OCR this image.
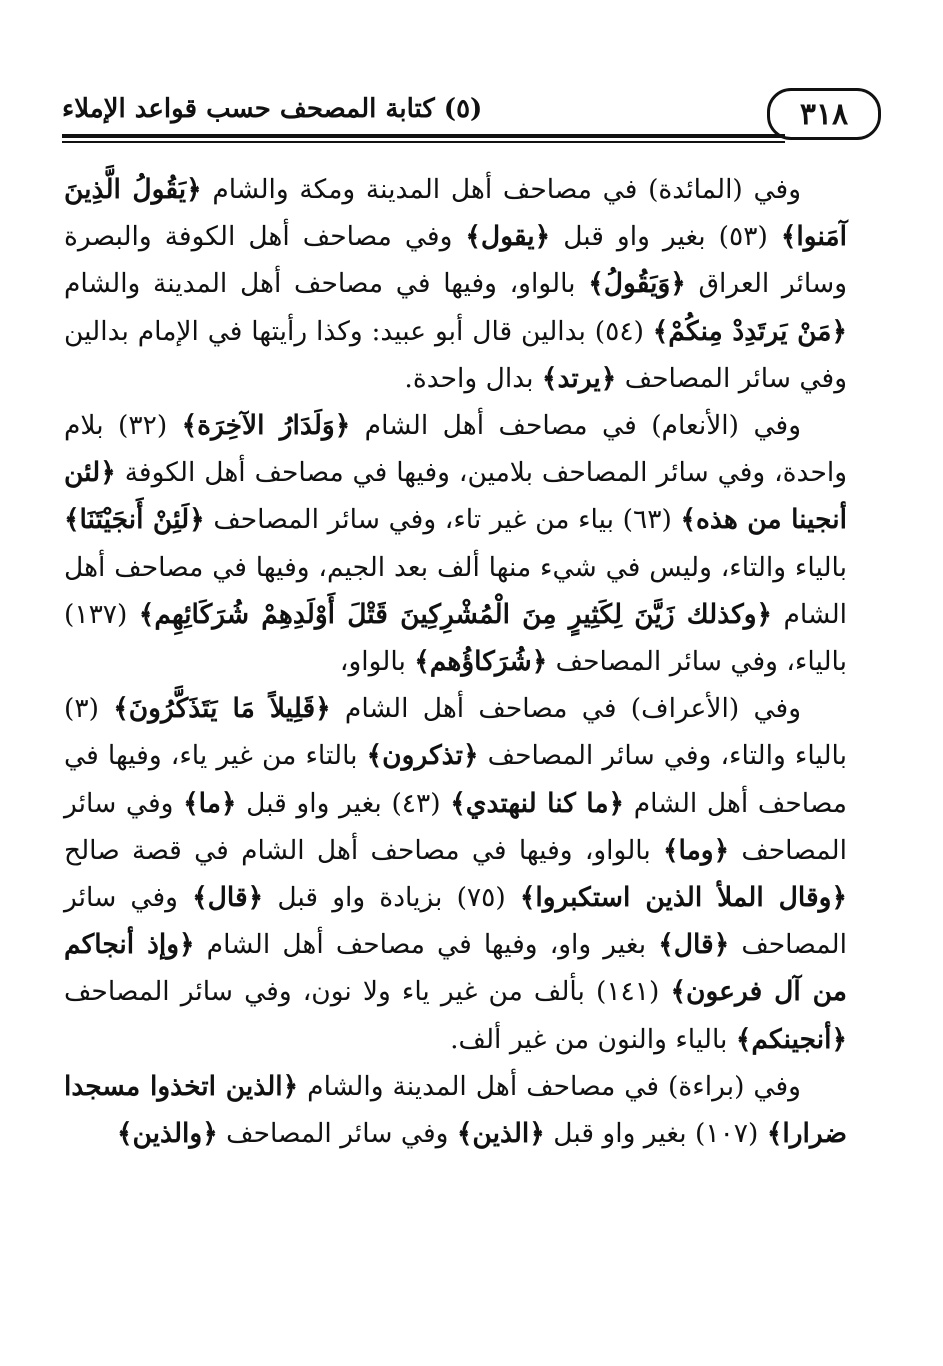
٣١٨
(٥) كتابة المصحف حسب قواعد الإملاء

وفي (المائدة) في مصاحف أهل المدينة ومكة والشام ﴿يَقُولُ الَّذِينَ آمَنوا﴾ (٥٣) بغير واو قبل ﴿يقول﴾ وفي مصاحف أهل الكوفة والبصرة وسائر العراق ﴿وَيَقُولُ﴾ بالواو، وفيها في مصاحف أهل المدينة والشام ﴿مَنْ يَرتَدِدْ مِنكُمْ﴾ (٥٤) بدالين قال أبو عبيد: وكذا رأيتها في الإمام بدالين وفي سائر المصاحف ﴿يرتد﴾ بدال واحدة.

وفي (الأنعام) في مصاحف أهل الشام ﴿وَلَدَارُ الآخِرَة﴾ (٣٢) بلام واحدة، وفي سائر المصاحف بلامين، وفيها في مصاحف أهل الكوفة ﴿لئن أنجينا من هذه﴾ (٦٣) بياء من غير تاء، وفي سائر المصاحف ﴿لَئِنْ أَنجَيْتَنَا﴾ بالياء والتاء، وليس في شيء منها ألف بعد الجيم، وفيها في مصاحف أهل الشام ﴿وكذلك زَيَّنَ لِكَثِيرٍ مِنَ الْمُشْرِكِينَ قَتْلَ أَوْلَدِهِمْ شُرَكَائِهِم﴾ (١٣٧) بالياء، وفي سائر المصاحف ﴿شُرَكاؤُهم﴾ بالواو،

وفي (الأعراف) في مصاحف أهل الشام ﴿قَلِيلاً مَا يَتَذَكَّرُونَ﴾ (٣) بالياء والتاء، وفي سائر المصاحف ﴿تذكرون﴾ بالتاء من غير ياء، وفيها في مصاحف أهل الشام ﴿ما كنا لنهتدي﴾ (٤٣) بغير واو قبل ﴿ما﴾ وفي سائر المصاحف ﴿وما﴾ بالواو، وفيها في مصاحف أهل الشام في قصة صالح ﴿وقال الملأ الذين استكبروا﴾ (٧٥) بزيادة واو قبل ﴿قال﴾ وفي سائر المصاحف ﴿قال﴾ بغير واو، وفيها في مصاحف أهل الشام ﴿وإذ أنجاكم من آل فرعون﴾ (١٤١) بألف من غير ياء ولا نون، وفي سائر المصاحف ﴿أنجينكم﴾ بالياء والنون من غير ألف.

وفي (براءة) في مصاحف أهل المدينة والشام ﴿الذين اتخذوا مسجدا ضرارا﴾ (١٠٧) بغير واو قبل ﴿الذين﴾ وفي سائر المصاحف ﴿والذين﴾
